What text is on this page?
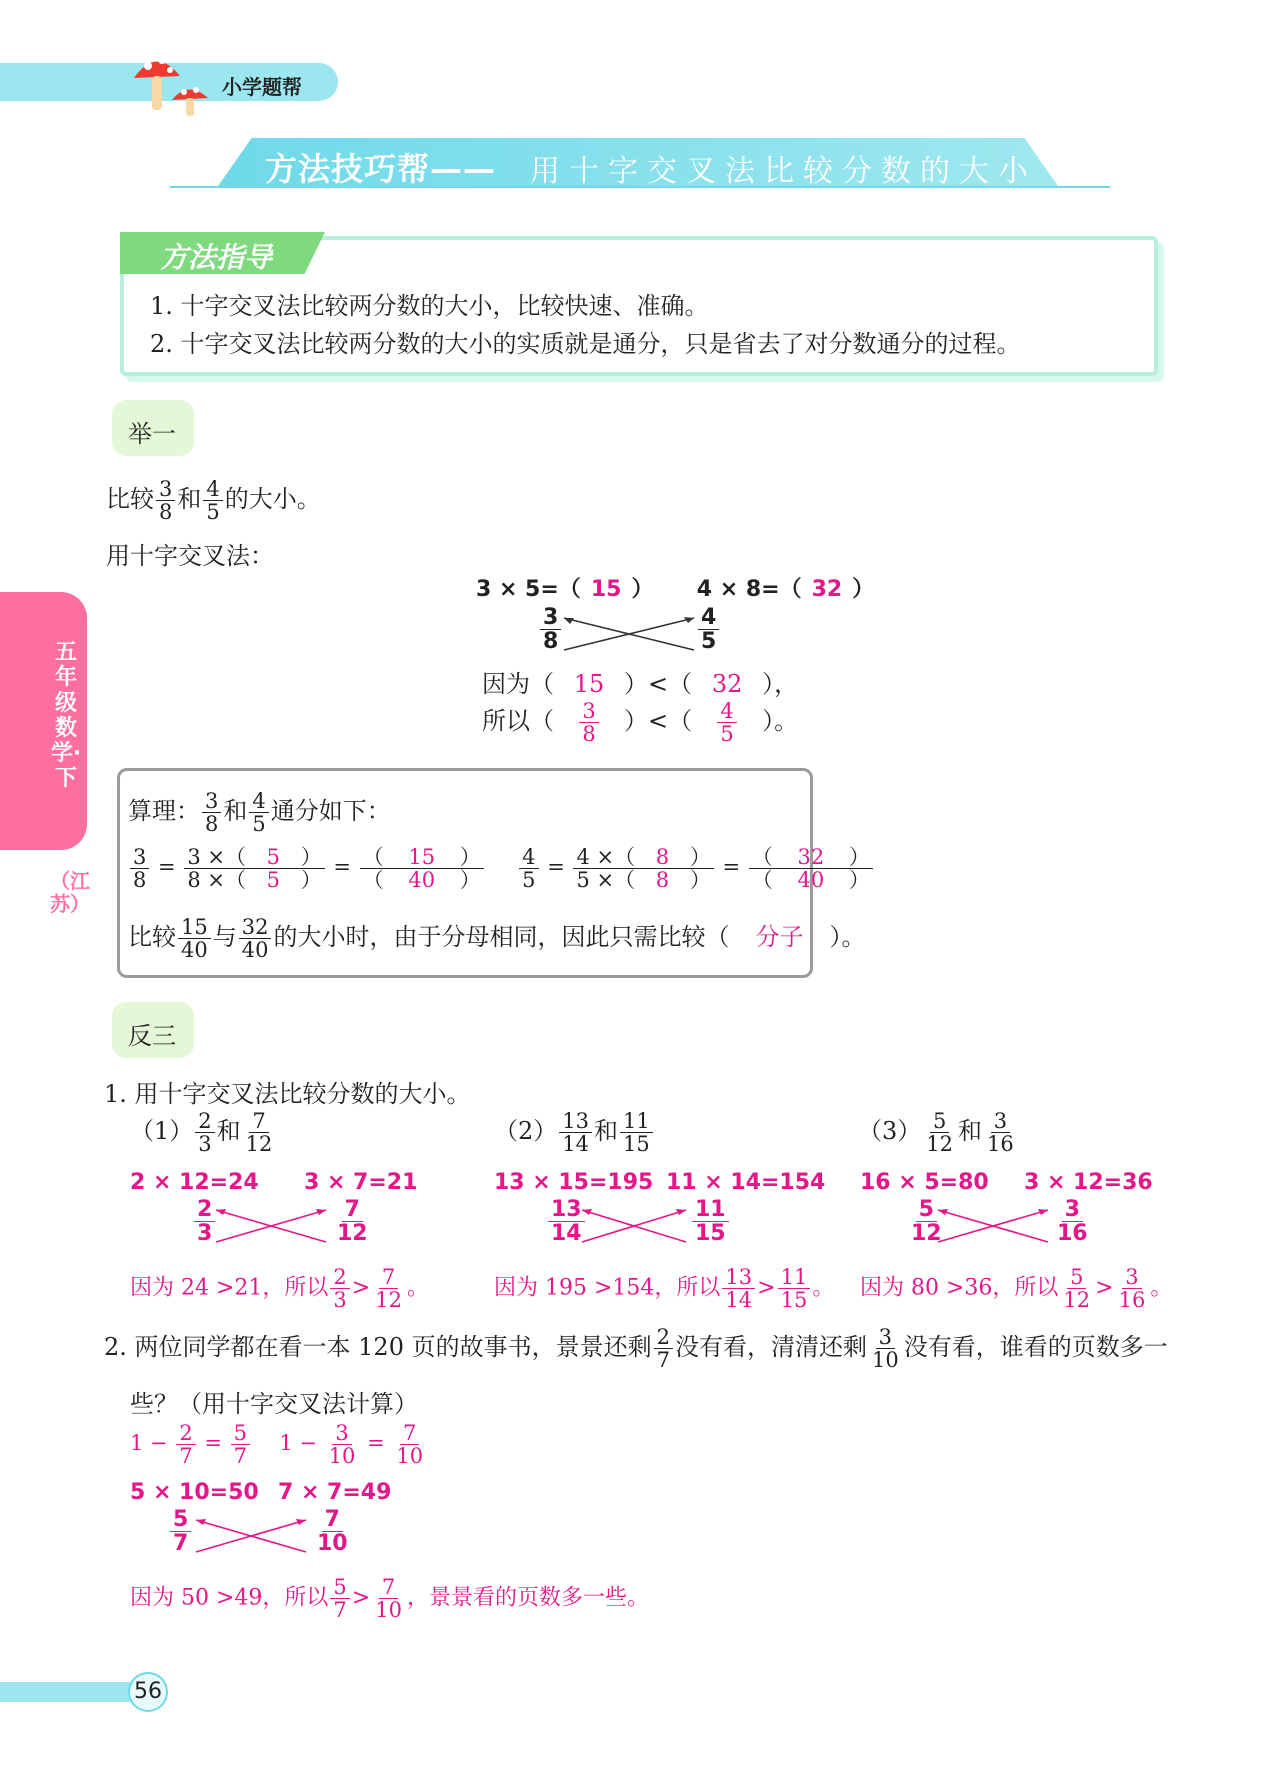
小学题帮
方法技巧帮—— 用十字交叉法比较分数的大小
方法指导
1. 十字交叉法比较两分数的大小，比较快速、准确。
2. 十字交叉法比较两分数的大小的实质就是通分，只是省去了对分数通分的过程。
举一
比较 $\frac{3}{8}$ 和 $\frac{4}{5}$ 的大小。
用十字交叉法：
3 × 5=（ 15 ） 4 × 8=（ 32 ）
$\frac{3}{8}$	$\frac{4}{5}$
因为（ 15 ）<（ 32 ），
所以（ $\frac{3}{8}$ ）<（ $\frac{4}{5}$ ）。
算理： $\frac{3}{8}$ 和 $\frac{4}{5}$ 通分如下：
$\frac{3}{8} = \frac{3 \times( 5 )}{8 \times( 5 )} = \frac{( 15 )}{( 40 )}$
$\frac{4}{5} = \frac{4 \times( 8 )}{5 \times( 8 )} = \frac{( 32 )}{( 40 )}$
比较 $\frac{15}{40}$ 与 $\frac{32}{40}$ 的大小时，由于分母相同，因此只需比较（ 分子 ）。
反三
1. 用十字交叉法比较分数的大小。
$(1) \frac{2}{3}$ 和 $\frac{7}{12}$
2 × 12=24 3 × 7=21
$\frac{2}{3}$	$\frac{7}{12}$
因为 24 >21，所以 $\frac{2}{3} > \frac{7}{12}$ 。
$(2) \frac{13}{14}$ 和 $\frac{11}{15}$
13 × 15=195 11 × 14=154
$\frac{13}{14}$	$\frac{11}{15}$
因为 195 >154，所以 $\frac{13}{14} > \frac{11}{15}$ 。
$(3) \frac{5}{12}$ 和 $\frac{3}{16}$
16 × 5=80 3 × 12=36
$\frac{5}{12}$	$\frac{3}{16}$
因为 80 >36，所以 $\frac{5}{12} > \frac{3}{16}$ 。
2. 两位同学都在看一本 120 页的故事书，景景还剩 $\frac{2}{7}$ 没有看，清清还剩 $\frac{3}{10}$ 没有看，谁看的页数多一
些？（用十字交叉法计算）
$1 - \frac{2}{7} = \frac{5}{7} 1 - \frac{3}{10} = \frac{7}{10}$
5 × 10=50 7 × 7=49
$\frac{5}{7}$	$\frac{7}{10}$
因为 50 >49，所以 $\frac{5}{7} > \frac{7}{10}$ ，景景看的页数多一些。
五年级数学·下
（江苏）
56
